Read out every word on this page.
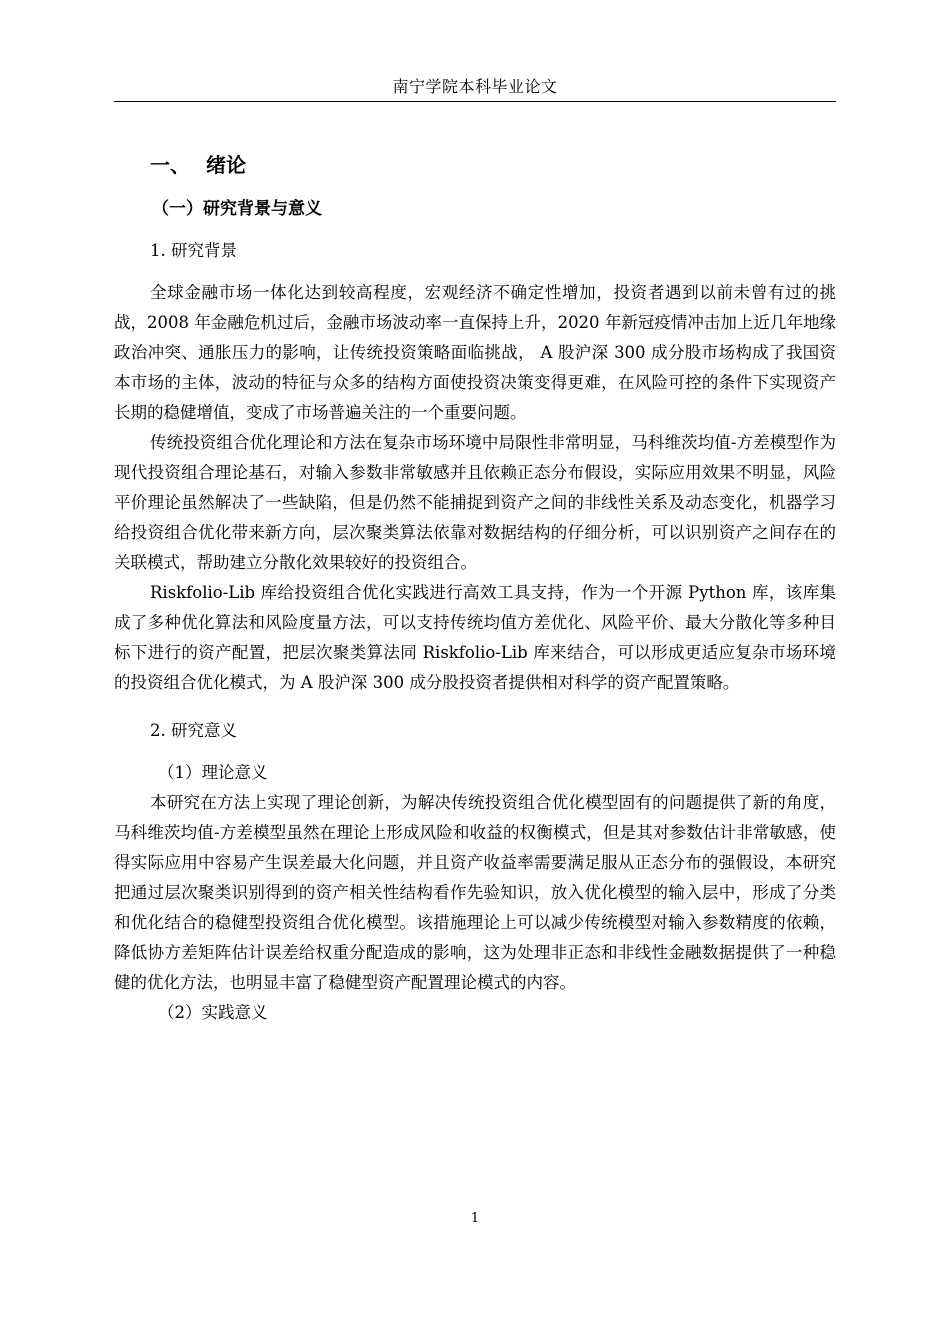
南宁学院本科毕业论文
一、 绪论
（一）研究背景与意义
1. 研究背景

全球金融市场一体化达到较高程度，宏观经济不确定性增加，投资者遇到以前未曾有过的挑战，2008 年金融危机过后，金融市场波动率一直保持上升，2020 年新冠疫情冲击加上近几年地缘政治冲突、通胀压力的影响，让传统投资策略面临挑战， A 股沪深 300 成分股市场构成了我国资本市场的主体，波动的特征与众多的结构方面使投资决策变得更难，在风险可控的条件下实现资产长期的稳健增值，变成了市场普遍关注的一个重要问题。

传统投资组合优化理论和方法在复杂市场环境中局限性非常明显，马科维茨均值-方差模型作为现代投资组合理论基石，对输入参数非常敏感并且依赖正态分布假设，实际应用效果不明显，风险平价理论虽然解决了一些缺陷，但是仍然不能捕捉到资产之间的非线性关系及动态变化，机器学习给投资组合优化带来新方向，层次聚类算法依靠对数据结构的仔细分析，可以识别资产之间存在的关联模式，帮助建立分散化效果较好的投资组合。

Riskfolio-Lib 库给投资组合优化实践进行高效工具支持，作为一个开源 Python 库，该库集成了多种优化算法和风险度量方法，可以支持传统均值方差优化、风险平价、最大分散化等多种目标下进行的资产配置，把层次聚类算法同 Riskfolio-Lib 库来结合，可以形成更适应复杂市场环境的投资组合优化模式，为 A 股沪深 300 成分股投资者提供相对科学的资产配置策略。

2. 研究意义
（1）理论意义

本研究在方法上实现了理论创新，为解决传统投资组合优化模型固有的问题提供了新的角度，马科维茨均值-方差模型虽然在理论上形成风险和收益的权衡模式，但是其对参数估计非常敏感，使得实际应用中容易产生误差最大化问题，并且资产收益率需要满足服从正态分布的强假设，本研究把通过层次聚类识别得到的资产相关性结构看作先验知识，放入优化模型的输入层中，形成了分类和优化结合的稳健型投资组合优化模型。该措施理论上可以减少传统模型对输入参数精度的依赖，降低协方差矩阵估计误差给权重分配造成的影响，这为处理非正态和非线性金融数据提供了一种稳健的优化方法，也明显丰富了稳健型资产配置理论模式的内容。

（2）实践意义
1
